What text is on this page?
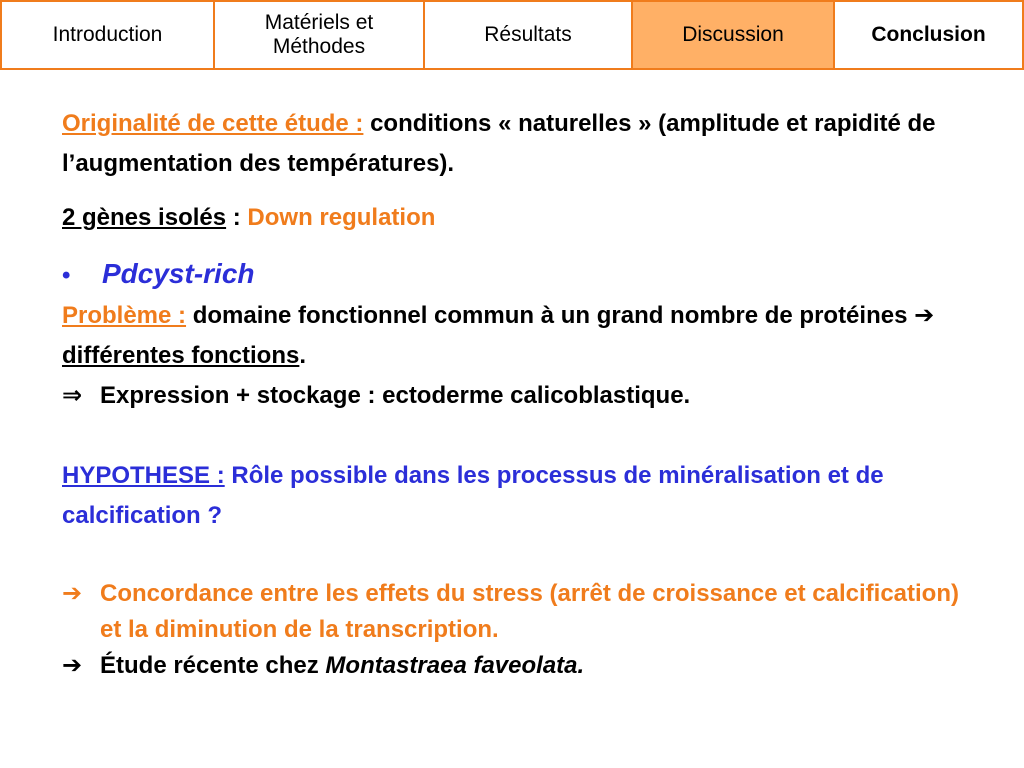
Introduction
Matériels et
Méthodes
Résultats	Discussion	Conclusion

Originalité de cette étude : conditions « naturelles » (amplitude et rapidité de l’augmentation des températures).

2 gènes isolés : Down regulation

• Pdcyst-rich

Problème : domaine fonctionnel commun à un grand nombre de protéines ➔ différentes fonctions.

⇒ Expression + stockage : ectoderme calicoblastique.

HYPOTHESE : Rôle possible dans les processus de minéralisation et de calcification ?

➔ Concordance entre les effets du stress (arrêt de croissance et calcification) et la diminution de la transcription.

➔ Étude récente chez Montastraea faveolata.
